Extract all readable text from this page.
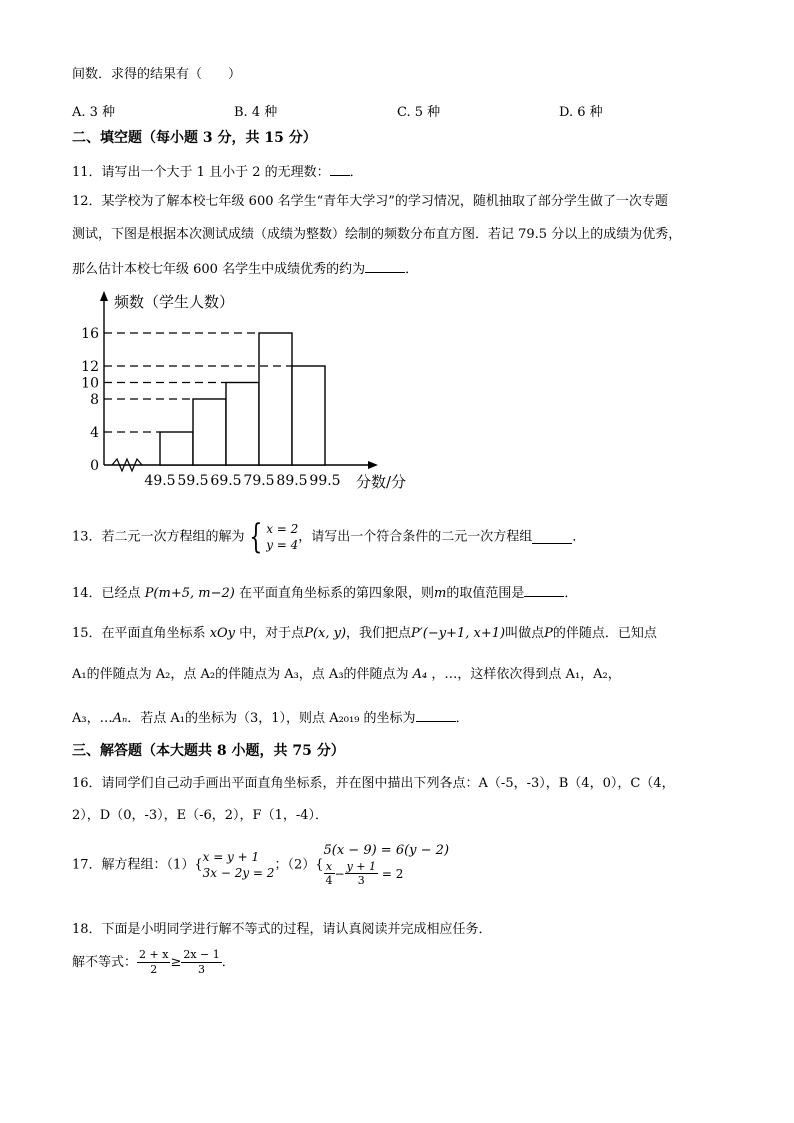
间数．求得的结果有（　　）
A. 3 种	B. 4 种	C. 5 种	D. 6 种
二、填空题（每小题 3 分，共 15 分）
11．请写出一个大于 1 且小于 2 的无理数： ．
12．某学校为了解本校七年级 600 名学生“青年大学习”的学习情况，随机抽取了部分学生做了一次专题
测试，下图是根据本次测试成绩（成绩为整数）绘制的频数分布直方图．若记 79.5 分以上的成绩为优秀，
那么估计本校七年级 600 名学生中成绩优秀的约为	．
0
4
8
10
12
16
49.5 59.5 69.5 79.5 89.5 99.5
频数（学生人数）
分数/分
13．若二元一次方程组的解为 { x = 2
y = 4
，请写出一个符合条件的二元一次方程组	．
14．已经点 P(m+5, m−2) 在平面直角坐标系的第四象限，则m的取值范围是	．
15．在平面直角坐标系 xOy 中，对于点P(x, y)，我们把点P′(−y+1, x+1)叫做点P的伴随点．已知点
A₁的伴随点为 A₂，点 A₂的伴随点为 A₃，点 A₃的伴随点为 A₄ ，…，这样依次得到点 A₁，A₂，
A₃，…Aₙ．若点 A₁的坐标为（3，1），则点 A₂₀₁₉ 的坐标为	．
三、解答题（本大题共 8 小题，共 75 分）
16．请同学们自己动手画出平面直角坐标系，并在图中描出下列各点：A（-5，-3），B（4，0），C（4，
2），D（0，-3），E（-6，2），F（1，-4）．
17．解方程组：（1）{
x = y + 1
3x − 2y = 2
；（2）{
5(x − 9) = 6(y − 2)
$\frac{x}{4} - \frac{y + 1}{3} = 2$
18．下面是小明同学进行解不等式的过程，请认真阅读并完成相应任务．
解不等式： $\frac{2 + x}{2} \ge \frac{2x - 1}{3}$ ．
